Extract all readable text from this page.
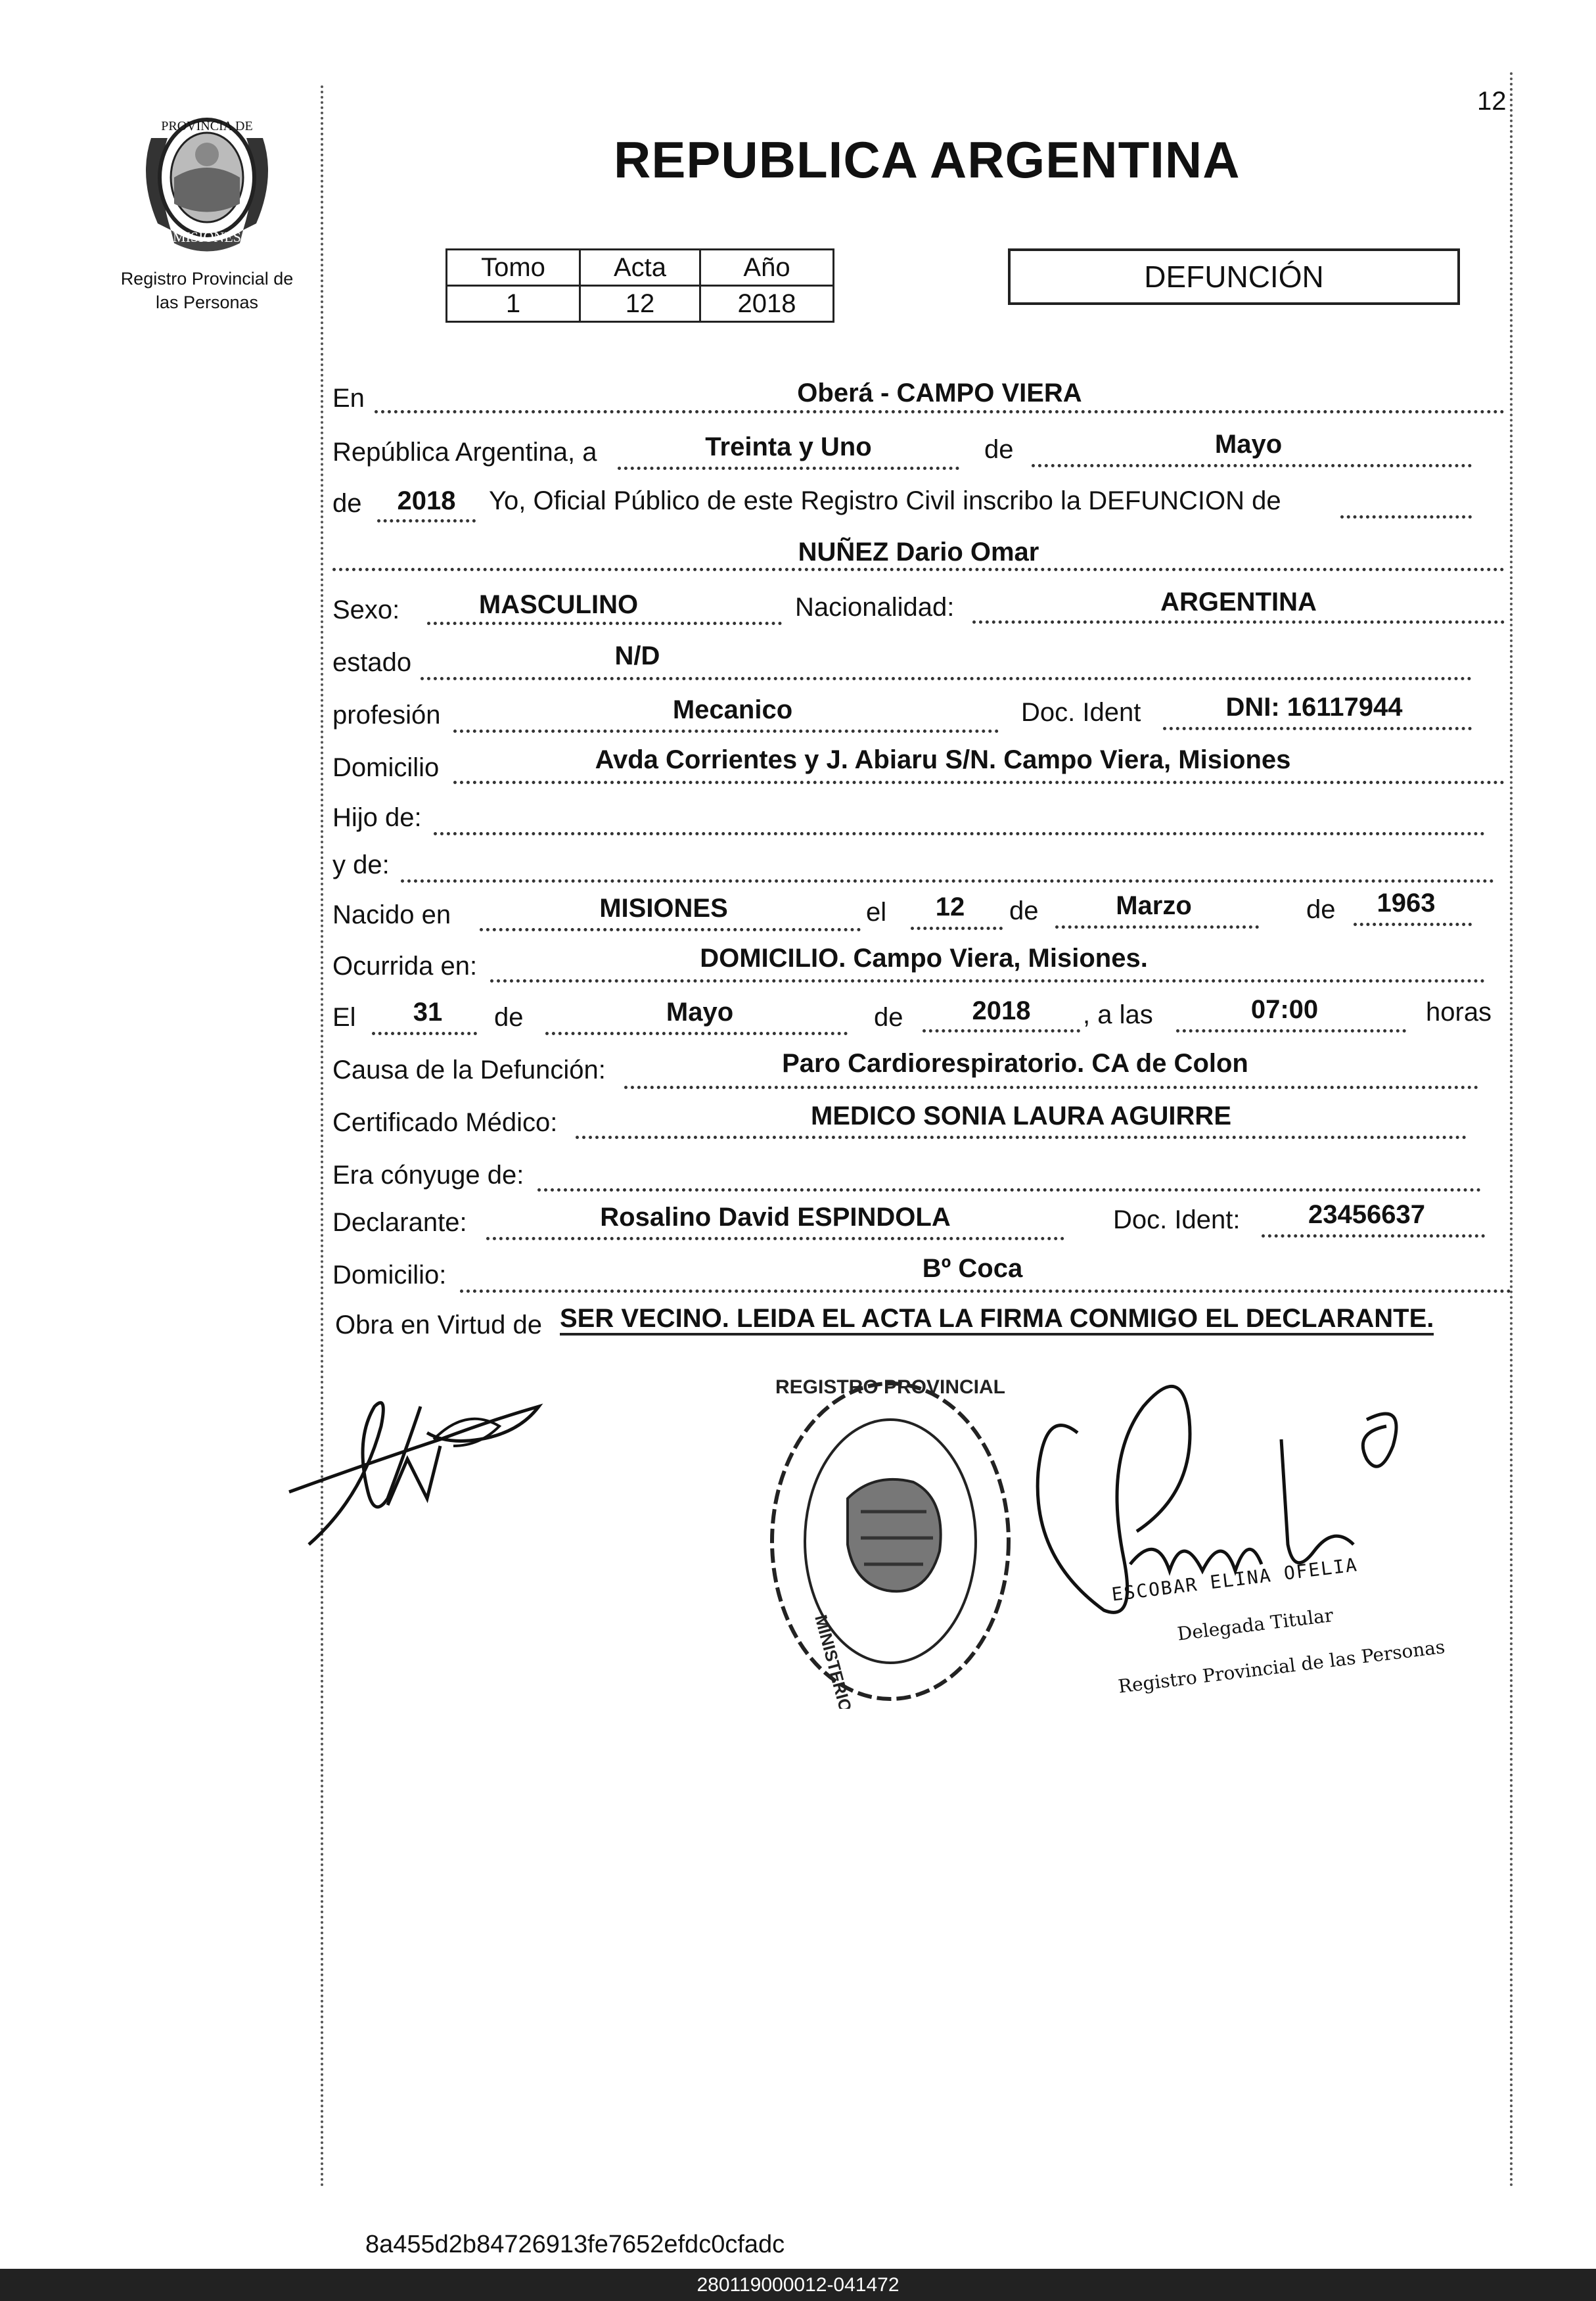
12
PROVINCIA DE
MISIONES
Registro Provincial de
las Personas
REPUBLICA ARGENTINA
Tomo	Acta	Año
1	12	2018
DEFUNCIÓN
En	Oberá - CAMPO VIERA
República Argentina, a	Treinta y Uno	de	Mayo
de	2018	Yo, Oficial Público de este Registro Civil inscribo la DEFUNCION de
NUÑEZ Dario Omar
Sexo:	MASCULINO	Nacionalidad:	ARGENTINA
estado	N/D
profesión	Mecanico	Doc. Ident	DNI: 16117944
Domicilio	Avda Corrientes y J. Abiaru S/N. Campo Viera, Misiones
Hijo de:
y de:
Nacido en	MISIONES	el	12	de	Marzo	de	1963
Ocurrida en:	DOMICILIO. Campo Viera, Misiones.
El	31	de	Mayo	de	2018	, a las	07:00	horas
Causa de la Defunción:	Paro Cardiorespiratorio. CA de Colon
Certificado Médico:	MEDICO SONIA LAURA AGUIRRE
Era cónyuge de:
Declarante:	Rosalino David ESPINDOLA	Doc. Ident:	23456637
Domicilio:	Bº Coca
Obra en Virtud de SER VECINO. LEIDA EL ACTA LA FIRMA CONMIGO EL DECLARANTE.
REGISTRO PROVINCIAL
MINISTERIO
ESCOBAR ELINA OFELIA
Delegada Titular
Registro Provincial de las Personas
8a455d2b84726913fe7652efdc0cfadc
280119000012-041472
